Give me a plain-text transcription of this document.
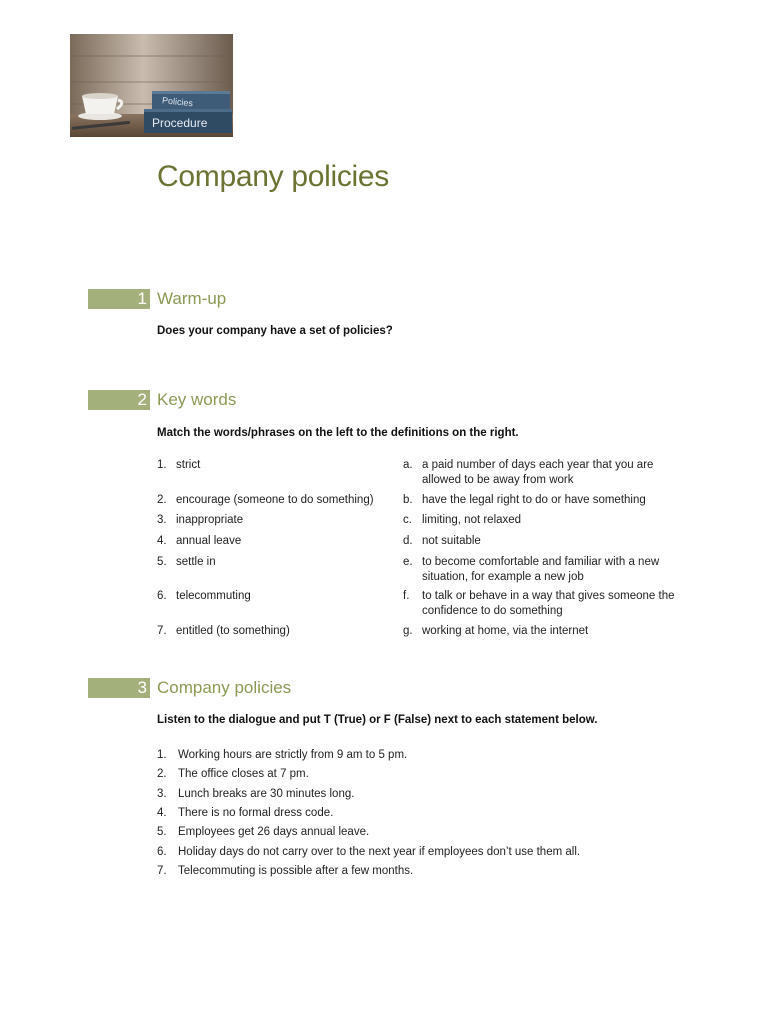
Policies
Procedure
Company policies
1 Warm-up
Does your company have a set of policies?
2 Key words
Match the words/phrases on the left to the definitions on the right.
1. strict	a. a paid number of days each year that you are allowed to be away from work
2. encourage (someone to do something)	b. have the legal right to do or have something
3. inappropriate	c. limiting, not relaxed
4. annual leave	d. not suitable
5. settle in	e. to become comfortable and familiar with a new situation, for example a new job
6. telecommuting	f. to talk or behave in a way that gives someone the confidence to do something
7. entitled (to something)	g. working at home, via the internet
3 Company policies
Listen to the dialogue and put T (True) or F (False) next to each statement below.
1. Working hours are strictly from 9 am to 5 pm.
2. The office closes at 7 pm.
3. Lunch breaks are 30 minutes long.
4. There is no formal dress code.
5. Employees get 26 days annual leave.
6. Holiday days do not carry over to the next year if employees don’t use them all.
7. Telecommuting is possible after a few months.
